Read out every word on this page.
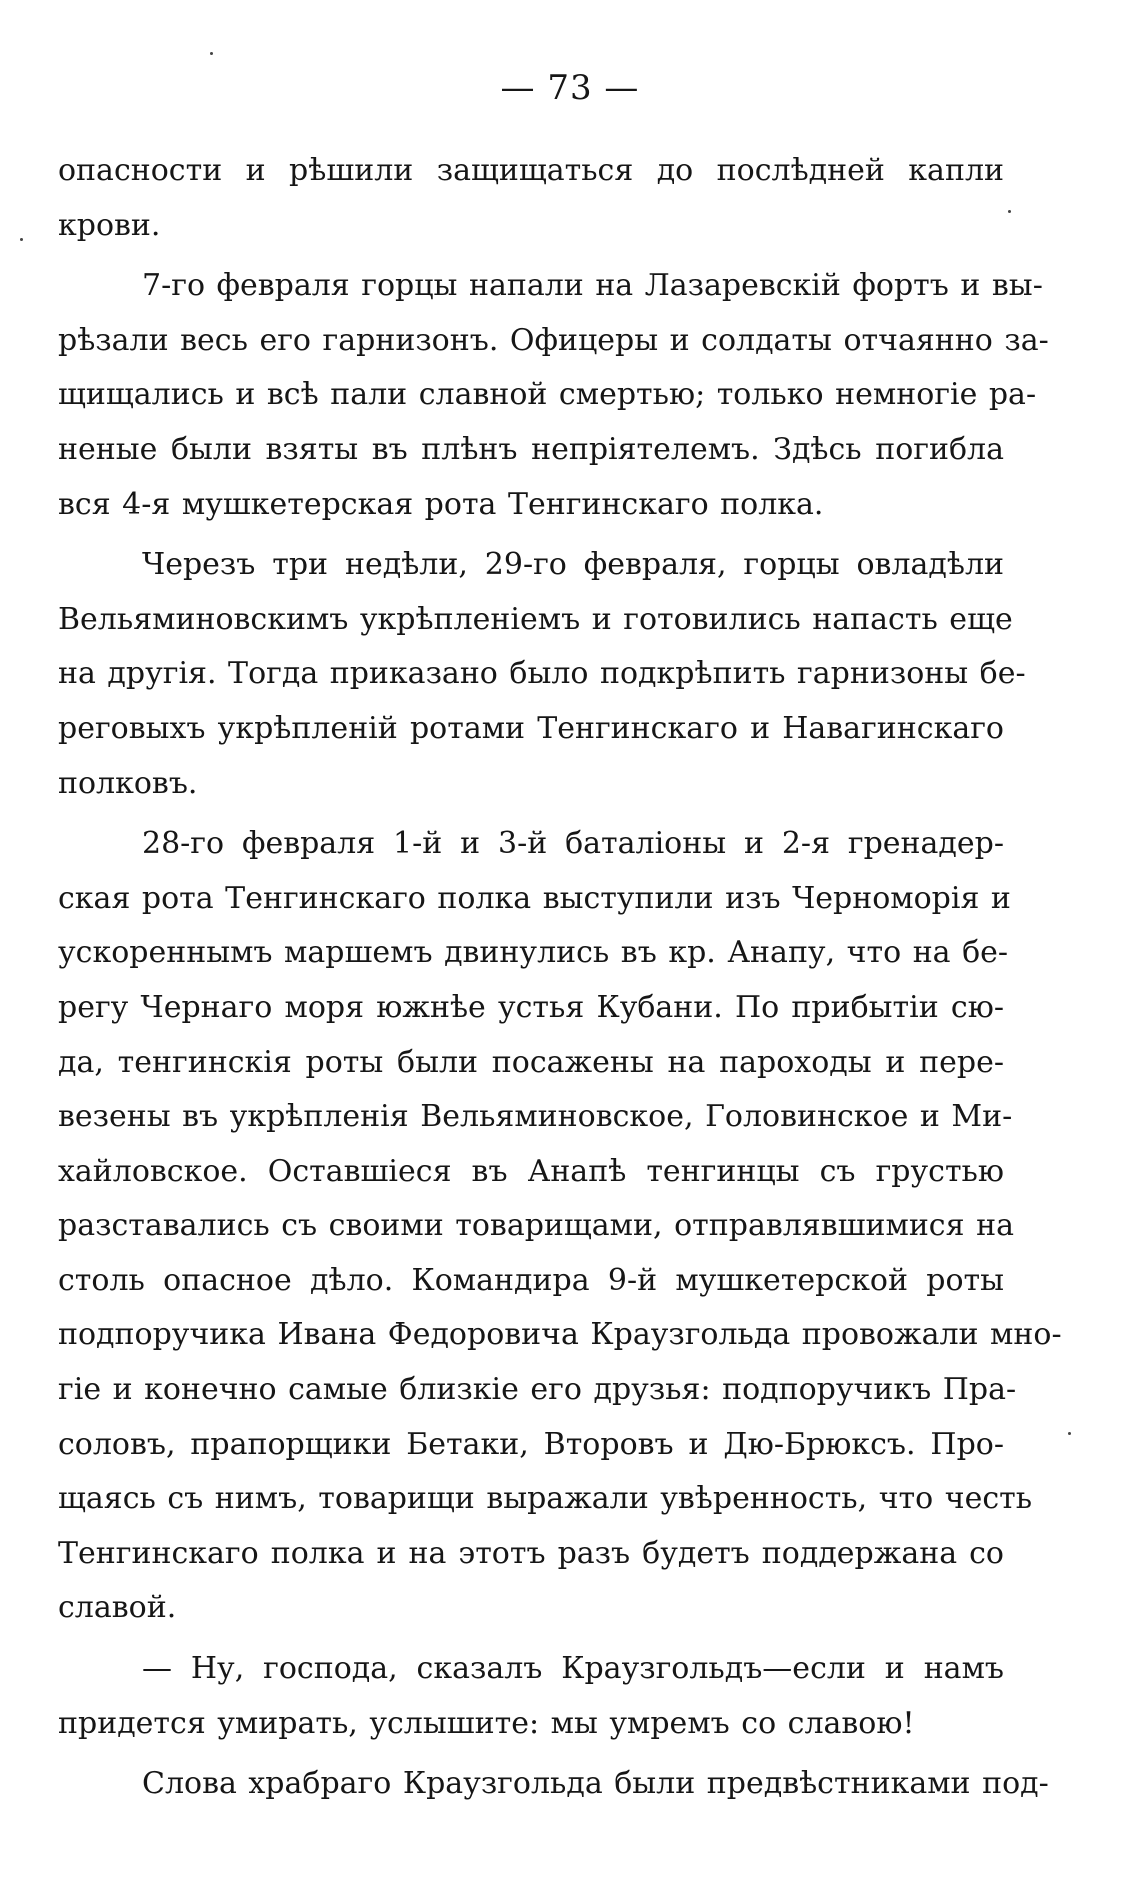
— 73 —
опасности и рѣшили защищаться до послѣдней капли
крови.
7-го февраля горцы напали на Лазаревскій фортъ и вы-
рѣзали весь его гарнизонъ. Офицеры и солдаты отчаянно за-
щищались и всѣ пали славной смертью; только немногіе ра-
неные были взяты въ плѣнъ непріятелемъ. Здѣсь погибла
вся 4-я мушкетерская рота Тенгинскаго полка.
Черезъ три недѣли, 29-го февраля, горцы овладѣли
Вельяминовскимъ укрѣпленіемъ и готовились напасть еще
на другія. Тогда приказано было подкрѣпить гарнизоны бе-
реговыхъ укрѣпленій ротами Тенгинскаго и Навагинскаго
полковъ.
28-го февраля 1-й и 3-й баталіоны и 2-я гренадер-
ская рота Тенгинскаго полка выступили изъ Черноморія и
ускореннымъ маршемъ двинулись въ кр. Анапу, что на бе-
регу Чернаго моря южнѣе устья Кубани. По прибытіи сю-
да, тенгинскія роты были посажены на пароходы и пере-
везены въ укрѣпленія Вельяминовское, Головинское и Ми-
хайловское. Оставшіеся въ Анапѣ тенгинцы съ грустью
разставались съ своими товарищами, отправлявшимися на
столь опасное дѣло. Командира 9-й мушкетерской роты
подпоручика Ивана Федоровича Краузгольда провожали мно-
гіе и конечно самые близкіе его друзья: подпоручикъ Пра-
соловъ, прапорщики Бетаки, Второвъ и Дю-Брюксъ. Про-
щаясь съ нимъ, товарищи выражали увѣренность, что честь
Тенгинскаго полка и на этотъ разъ будетъ поддержана со
славой.
— Ну, господа, сказалъ Краузгольдъ—если и намъ
придется умирать, услышите: мы умремъ со славою!
Слова храбраго Краузгольда были предвѣстниками под-
